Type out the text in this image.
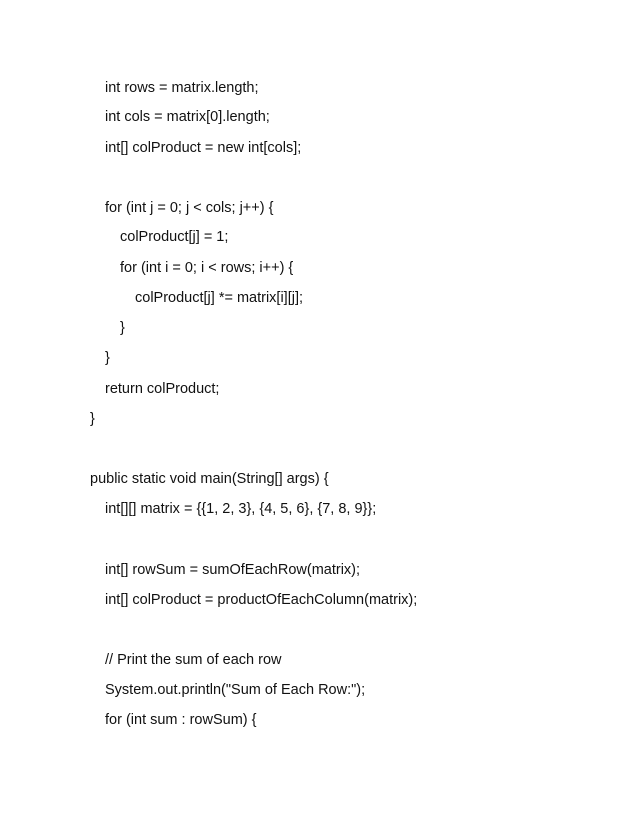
int rows = matrix.length;
int cols = matrix[0].length;
int[] colProduct = new int[cols];
for (int j = 0; j < cols; j++) {
colProduct[j] = 1;
for (int i = 0; i < rows; i++) {
colProduct[j] *= matrix[i][j];
}
}
return colProduct;
}
public static void main(String[] args) {
int[][] matrix = {{1, 2, 3}, {4, 5, 6}, {7, 8, 9}};
int[] rowSum = sumOfEachRow(matrix);
int[] colProduct = productOfEachColumn(matrix);
// Print the sum of each row
System.out.println("Sum of Each Row:");
for (int sum : rowSum) {
